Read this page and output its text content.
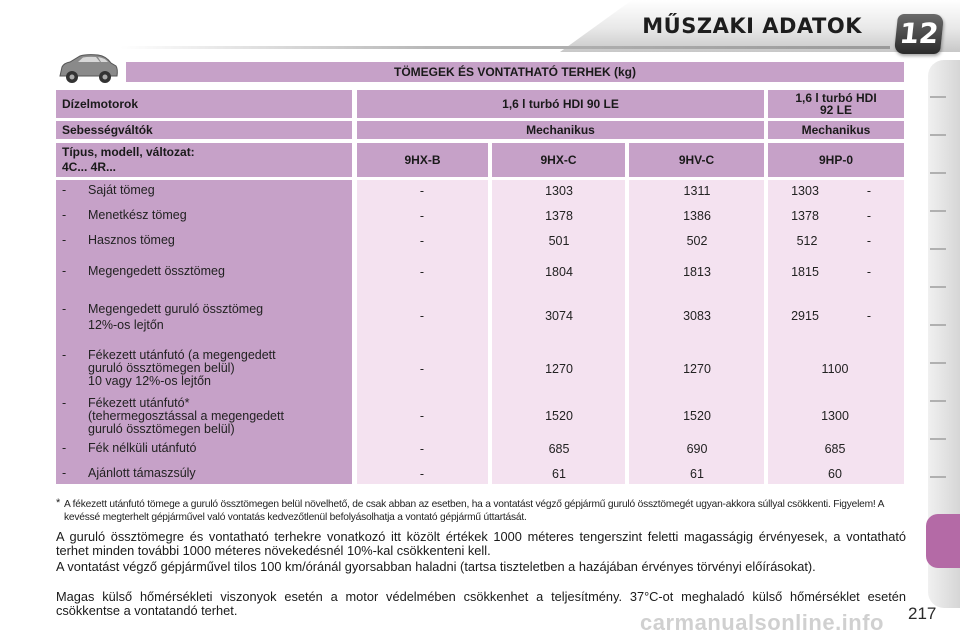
MŰSZAKI ADATOK 12
TÖMEGEK ÉS VONTATHATÓ TERHEK (kg)
Dízelmotorok	1,6 l turbó HDI 90 LE	1,6 l turbó HDI
92 LE
Sebességváltók	Mechanikus	Mechanikus
Típus, modell, változat:
4C... 4R...	9HX-B	9HX-C	9HV-C	9HP-0
- Saját tömeg	-	1303	1311	1303	-
- Menetkész tömeg	-	1378	1386	1378	-
- Hasznos tömeg	-	501	502	512	-
- Megengedett össztömeg	-	1804	1813	1815	-
- Megengedett guruló össztömeg
12%-os lejtőn
-	3074	3083	2915	-
- Fékezett utánfutó (a megengedett
guruló össztömegen belül)
10 vagy 12%-os lejtőn
-	1270	1270	1100
- Fékezett utánfutó*
(tehermegosztással a megengedett
guruló össztömegen belül)
-	1520	1520	1300
- Fék nélküli utánfutó	-	685	690	685
- Ajánlott támaszsúly	-	61	61	60
* A fékezett utánfutó tömege a guruló össztömegen belül növelhető, de csak abban az esetben, ha a vontatást végző gépjármű guruló össztömegét ugyan-akkora súllyal csökkenti. Figyelem! A kevéssé megterhelt gépjárművel való vontatás kedvezőtlenül befolyásolhatja a vontató gépjármű úttartását.
A guruló össztömegre és vontatható terhekre vonatkozó itt közölt értékek 1000 méteres tengerszint feletti magasságig érvényesek, a vontatható terhet minden további 1000 méteres növekedésnél 10%-kal csökkenteni kell.
A vontatást végző gépjárművel tilos 100 km/óránál gyorsabban haladni (tartsa tiszteletben a hazájában érvényes törvényi előírásokat).
Magas külső hőmérsékleti viszonyok esetén a motor védelmében csökkenhet a teljesítmény. 37°C-ot meghaladó külső hőmérséklet esetén csökkentse a vontatandó terhet.	217
carmanualsonline.info
